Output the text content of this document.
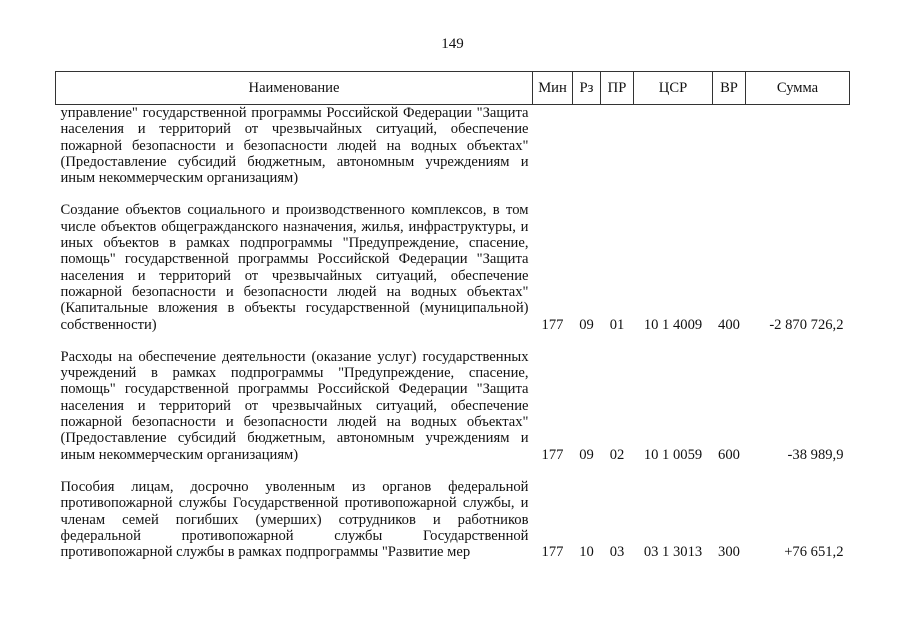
149
Наименование	Мин	Рз	ПР	ЦСР	ВР	Сумма
управление" государственной программы Российской Федерации "Защита населения и территорий от чрезвычайных ситуаций, обеспечение пожарной безопасности и безопасности людей на водных объектах" (Предоставление субсидий бюджетным, автономным учреждениям и иным некоммерческим организациям)						

Создание объектов социального и производственного комплексов, в том числе объектов общегражданского назначения, жилья, инфраструктуры, и иных объектов в рамках подпрограммы "Предупреждение, спасение, помощь" государственной программы Российской Федерации "Защита населения и территорий от чрезвычайных ситуаций, обеспечение пожарной безопасности и безопасности людей на водных объектах" (Капитальные вложения в объекты государственной (муниципальной) собственности)	177	09	01	10 1 4009	400	-2 870 726,2

Расходы на обеспечение деятельности (оказание услуг) государственных учреждений в рамках подпрограммы "Предупреждение, спасение, помощь" государственной программы Российской Федерации "Защита населения и территорий от чрезвычайных ситуаций, обеспечение пожарной безопасности и безопасности людей на водных объектах" (Предоставление субсидий бюджетным, автономным учреждениям и иным некоммерческим организациям)	177	09	02	10 1 0059	600	-38 989,9

Пособия лицам, досрочно уволенным из органов федеральной противопожарной службы Государственной противопожарной службы, и членам семей погибших (умерших) сотрудников и работников федеральной противопожарной службы Государственной противопожарной службы в рамках подпрограммы "Развитие мер	177	10	03	03 1 3013	300	+76 651,2
